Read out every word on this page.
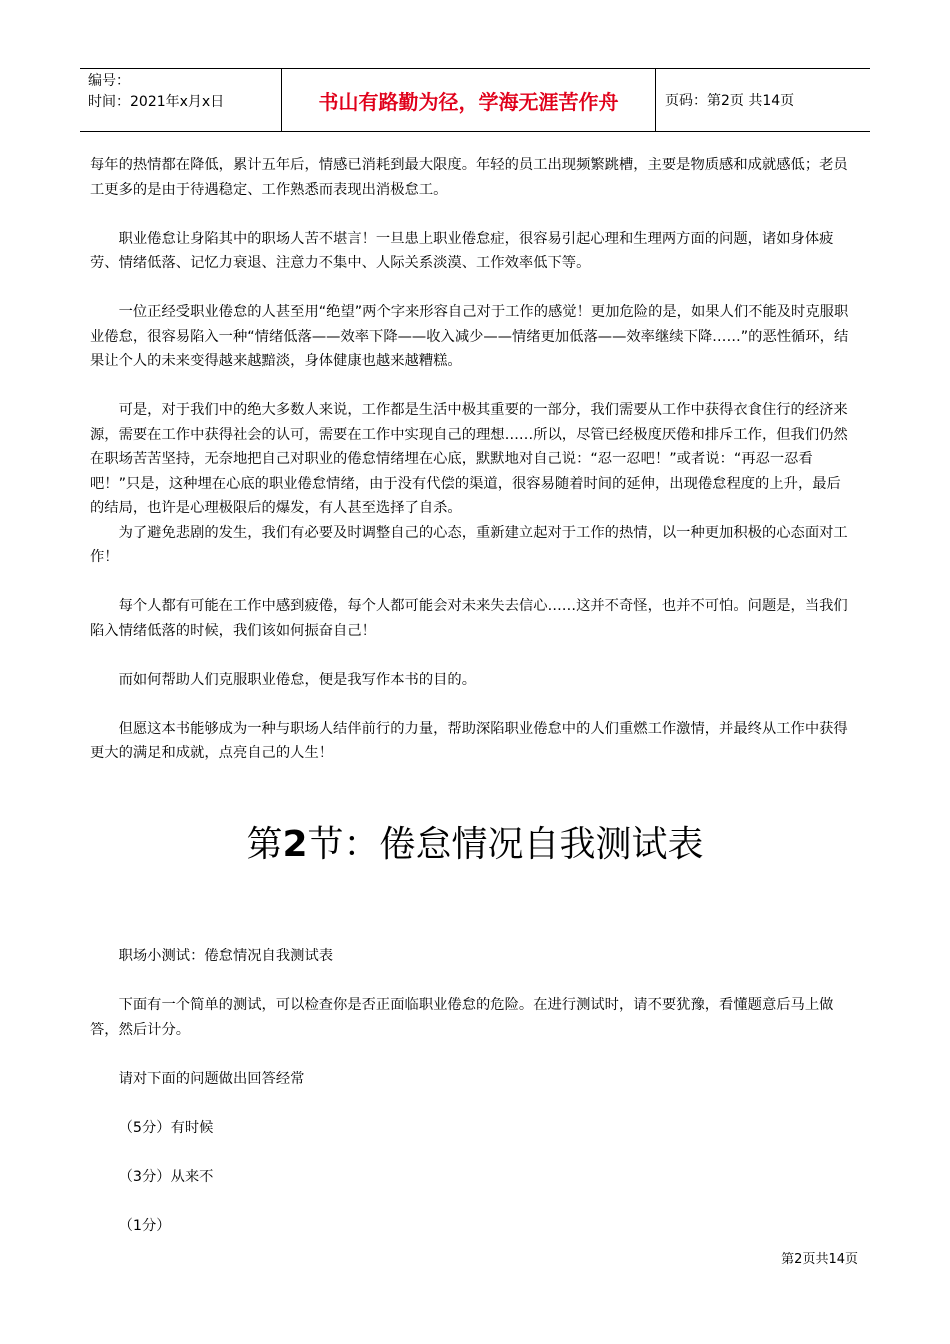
编号：
时间：2021年x月x日	书山有路勤为径，学海无涯苦作舟	页码：第2页 共14页

每年的热情都在降低，累计五年后，情感已消耗到最大限度。年轻的员工出现频繁跳槽，主要是物质感和成就感低；老员工更多的是由于待遇稳定、工作熟悉而表现出消极怠工。

职业倦怠让身陷其中的职场人苦不堪言！一旦患上职业倦怠症，很容易引起心理和生理两方面的问题，诸如身体疲劳、情绪低落、记忆力衰退、注意力不集中、人际关系淡漠、工作效率低下等。

一位正经受职业倦怠的人甚至用“绝望”两个字来形容自己对于工作的感觉！更加危险的是，如果人们不能及时克服职业倦怠，很容易陷入一种“情绪低落——效率下降——收入减少——情绪更加低落——效率继续下降……”的恶性循环，结果让个人的未来变得越来越黯淡，身体健康也越来越糟糕。

可是，对于我们中的绝大多数人来说，工作都是生活中极其重要的一部分，我们需要从工作中获得衣食住行的经济来源，需要在工作中获得社会的认可，需要在工作中实现自己的理想……所以，尽管已经极度厌倦和排斥工作，但我们仍然在职场苦苦坚持，无奈地把自己对职业的倦怠情绪埋在心底，默默地对自己说：“忍一忍吧！”或者说：“再忍一忍看吧！”只是，这种埋在心底的职业倦怠情绪，由于没有代偿的渠道，很容易随着时间的延伸，出现倦怠程度的上升，最后的结局，也许是心理极限后的爆发，有人甚至选择了自杀。

为了避免悲剧的发生，我们有必要及时调整自己的心态，重新建立起对于工作的热情，以一种更加积极的心态面对工作！

每个人都有可能在工作中感到疲倦，每个人都可能会对未来失去信心……这并不奇怪，也并不可怕。问题是，当我们陷入情绪低落的时候，我们该如何振奋自己！

而如何帮助人们克服职业倦怠，便是我写作本书的目的。

但愿这本书能够成为一种与职场人结伴前行的力量，帮助深陷职业倦怠中的人们重燃工作激情，并最终从工作中获得更大的满足和成就，点亮自己的人生！

第2节：倦怠情况自我测试表

职场小测试：倦怠情况自我测试表

下面有一个简单的测试，可以检查你是否正面临职业倦怠的危险。在进行测试时，请不要犹豫，看懂题意后马上做答，然后计分。

请对下面的问题做出回答经常

（5分）有时候

（3分）从来不

（1分）

第2页共14页
